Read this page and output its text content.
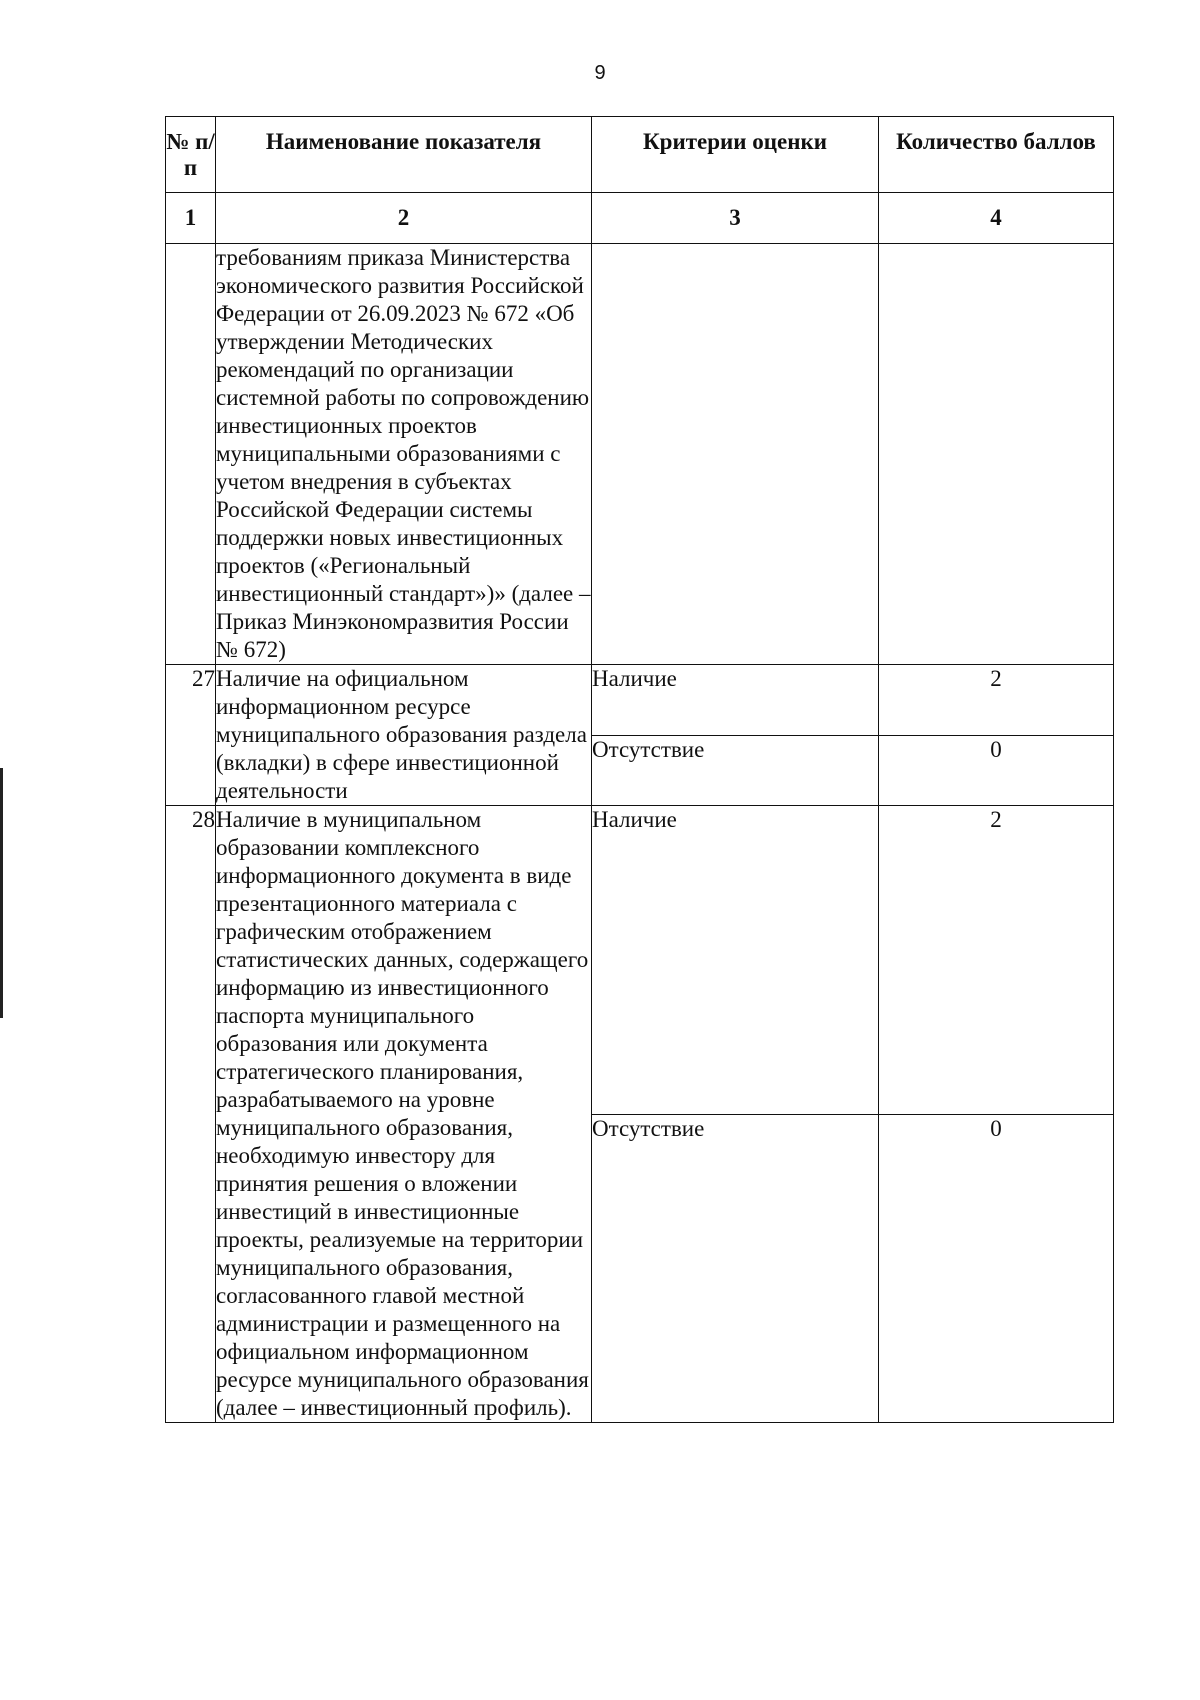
9
№ п/п	Наименование показателя	Критерии оценки	Количество баллов
1	2	3	4
	требованиям приказа Министерства экономического развития Российской Федерации от 26.09.2023 № 672 «Об утверждении Методических рекомендаций по организации системной работы по сопровождению инвестиционных проектов муниципальными образованиями с учетом внедрения в субъектах Российской Федерации системы поддержки новых инвестиционных проектов («Региональный инвестиционный стандарт»)» (далее – Приказ Минэкономразвития России № 672)		
27	Наличие на официальном информационном ресурсе муниципального образования раздела (вкладки) в сфере инвестиционной деятельности	Наличие	2
		Отсутствие	0
28	Наличие в муниципальном образовании комплексного информационного документа в виде презентационного материала с графическим отображением статистических данных, содержащего информацию из инвестиционного паспорта муниципального образования или документа стратегического планирования, разрабатываемого на уровне муниципального образования, необходимую инвестору для принятия решения о вложении инвестиций в инвестиционные проекты, реализуемые на территории муниципального образования, согласованного главой местной администрации и размещенного на официальном информационном ресурсе муниципального образования (далее – инвестиционный профиль).	Наличие	2
		Отсутствие	0
